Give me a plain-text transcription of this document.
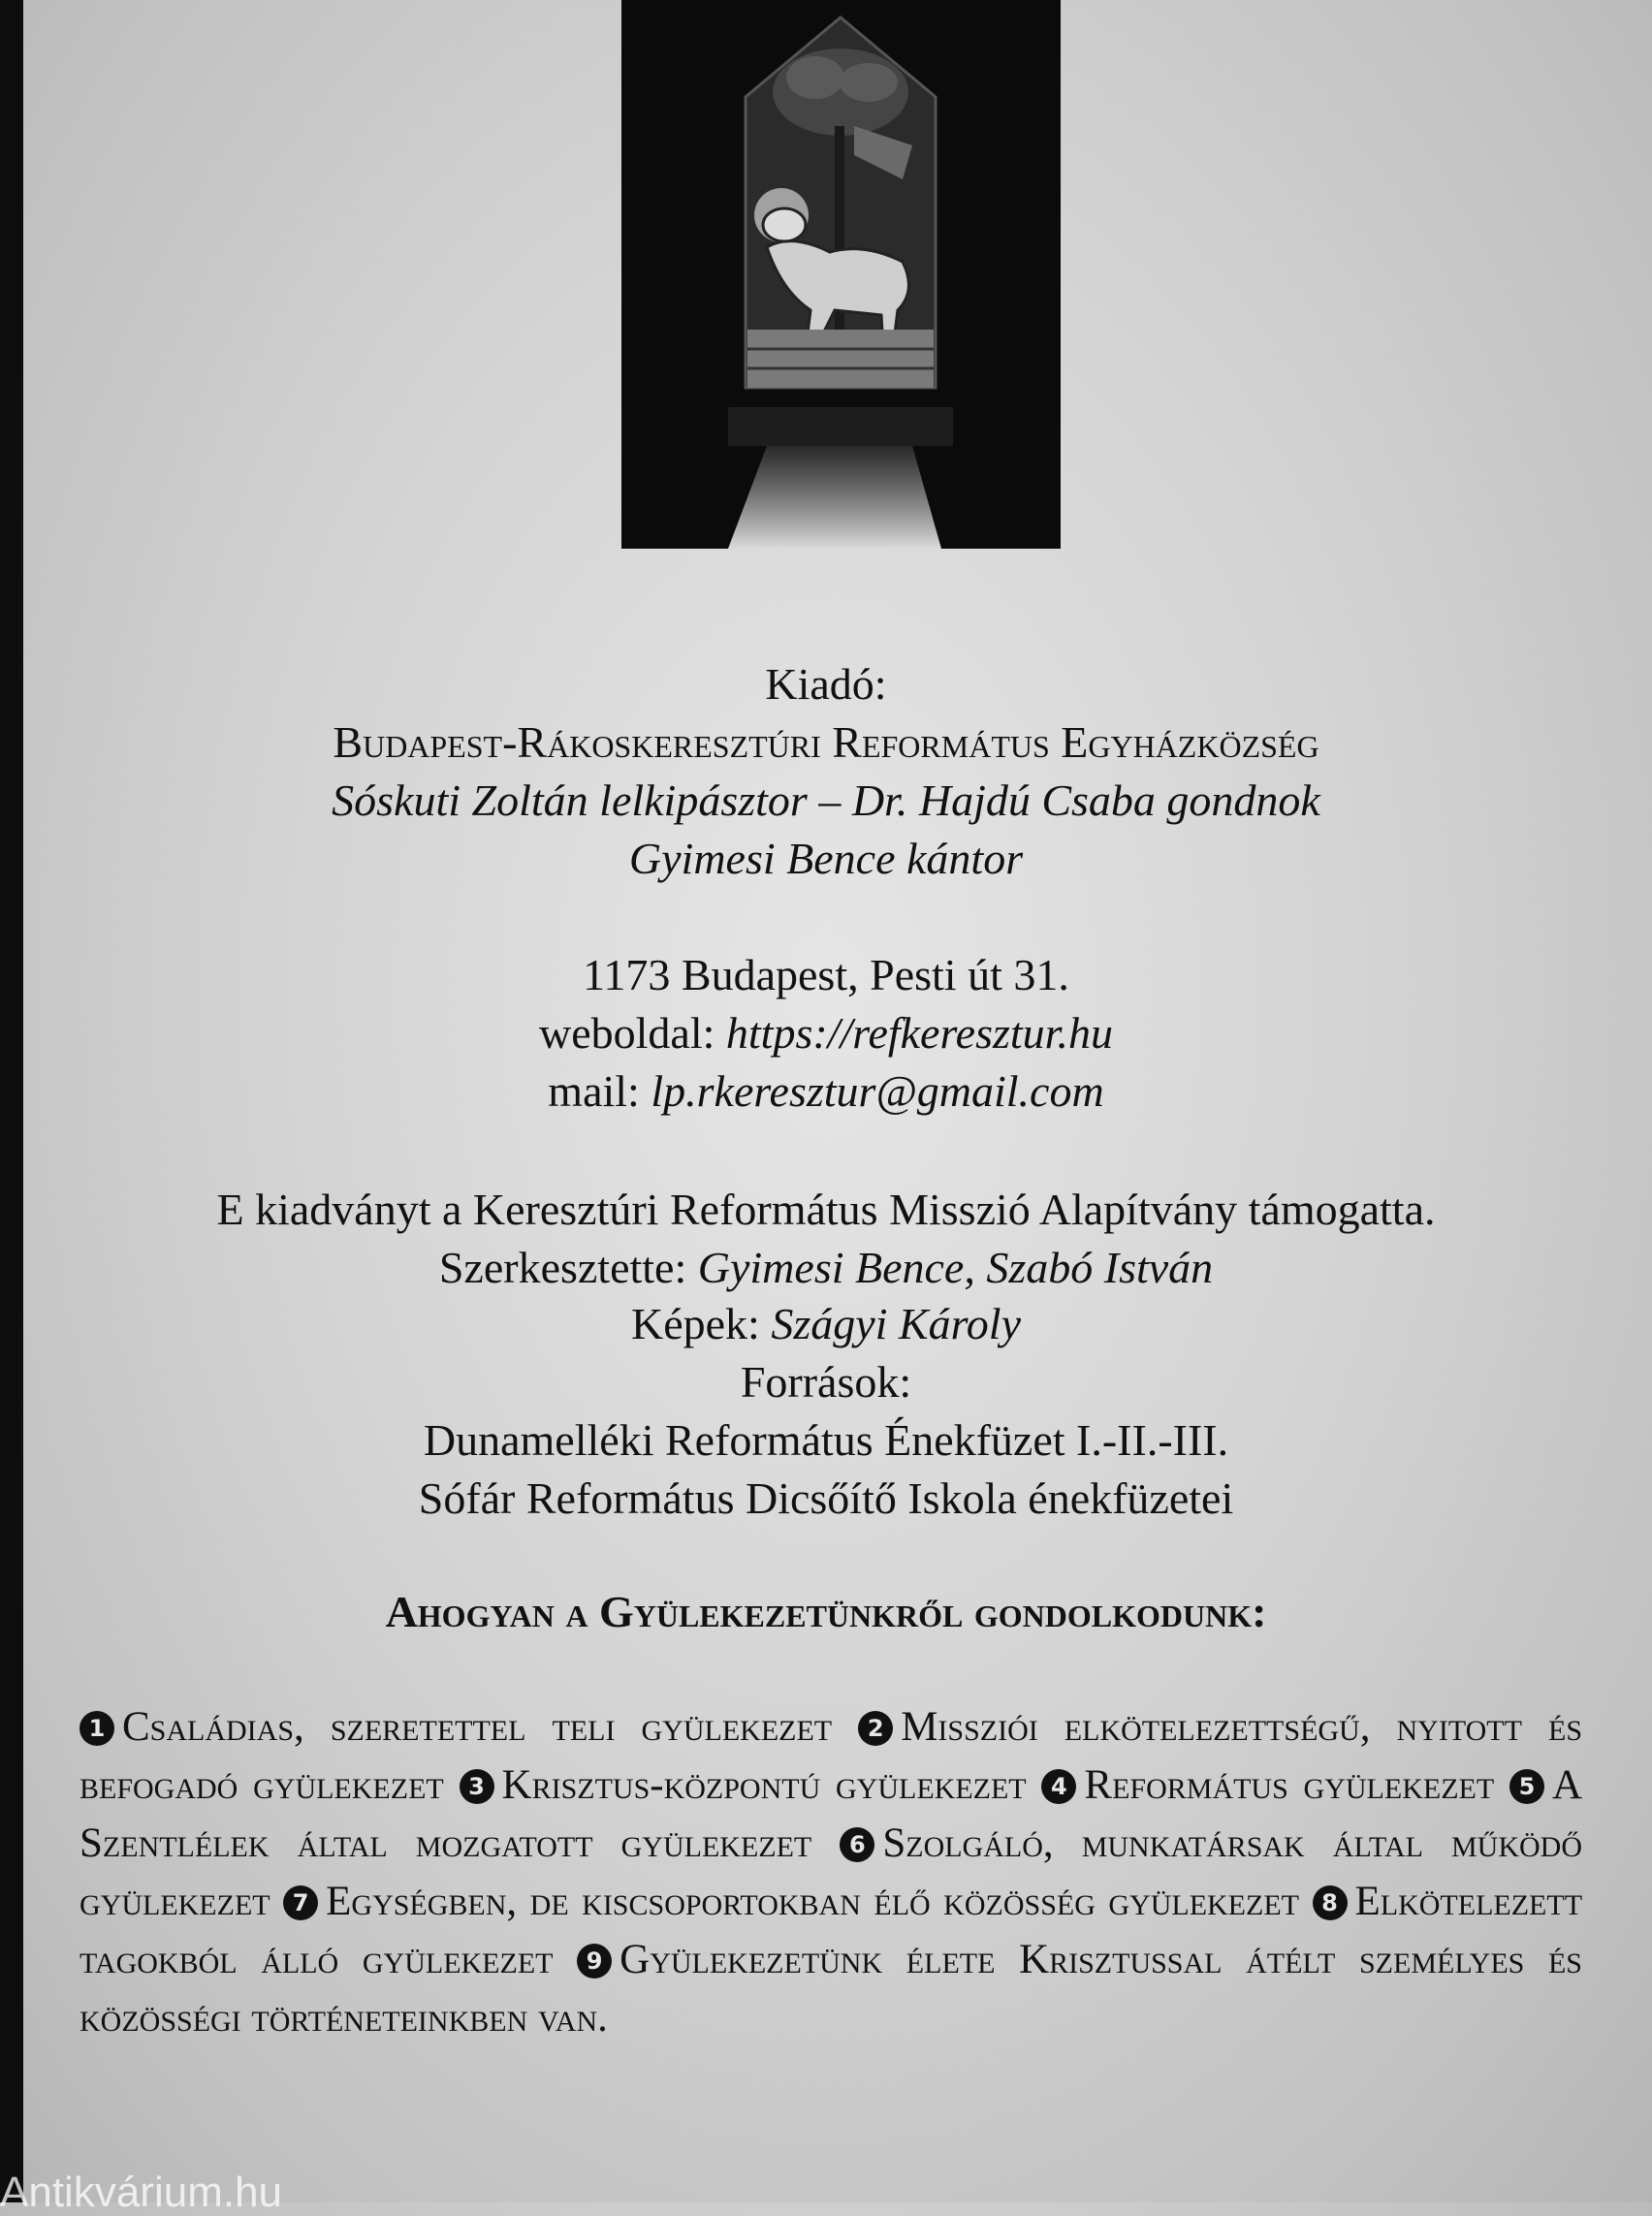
Kiadó:

Budapest-Rákoskeresztúri Református Egyházközség

Sóskuti Zoltán lelkipásztor – Dr. Hajdú Csaba gondnok

Gyimesi Bence kántor

1173 Budapest, Pesti út 31.

weboldal: https://refkeresztur.hu

mail: lp.rkeresztur@gmail.com

E kiadványt a Keresztúri Református Misszió Alapítvány támogatta.

Szerkesztette: Gyimesi Bence, Szabó István

Képek: Szágyi Károly

Források:

Dunamelléki Református Énekfüzet I.-II.-III.

Sófár Református Dicsőítő Iskola énekfüzetei

Ahogyan a Gyülekezetünkről gondolkodunk:

1 Családias, szeretettel teli gyülekezet 2 Missziói elkötelezettségű, nyitott és befogadó gyülekezet 3 Krisztus-központú gyülekezet 4 Református gyülekezet 5 A Szentlélek által mozgatott gyülekezet 6 Szolgáló, munkatársak által működő gyülekezet 7 Egységben, de kiscsoportokban élő közösség gyülekezet 8 Elkötelezett tagokból álló gyülekezet 9 Gyülekezetünk élete Krisztussal átélt személyes és közösségi történeteinkben van.

Antikvárium.hu
